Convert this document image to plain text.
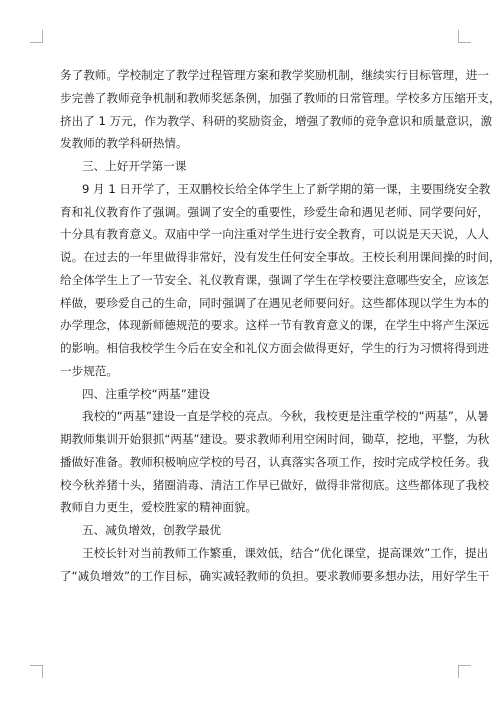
务了教师。学校制定了教学过程管理方案和教学奖励机制，继续实行目标管理，进一
步完善了教师竞争机制和教师奖惩条例，加强了教师的日常管理。学校多方压缩开支，
挤出了 1 万元，作为教学、科研的奖励资金，增强了教师的竞争意识和质量意识，激
发教师的教学科研热情。
三、上好开学第一课
9 月 1 日开学了，王双鹏校长给全体学生上了新学期的第一课，主要围绕安全教
育和礼仪教育作了强调。强调了安全的重要性，珍爱生命和遇见老师、同学要问好，
十分具有教育意义。双庙中学一向注重对学生进行安全教育，可以说是天天说，人人
说。在过去的一年里做得非常好，没有发生任何安全事故。王校长利用课间操的时间，
给全体学生上了一节安全、礼仪教育课，强调了学生在学校要注意哪些安全，应该怎
样做，要珍爱自己的生命，同时强调了在遇见老师要问好。这些都体现以学生为本的
办学理念，体现新师德规范的要求。这样一节有教育意义的课，在学生中将产生深远
的影响。相信我校学生今后在安全和礼仪方面会做得更好，学生的行为习惯将得到进
一步规范。
四、注重学校“两基”建设
我校的“两基”建设一直是学校的亮点。今秋，我校更是注重学校的“两基”，从暑
期教师集训开始狠抓“两基”建设。要求教师利用空闲时间，锄草，挖地，平整，为秋
播做好准备。教师积极响应学校的号召，认真落实各项工作，按时完成学校任务。我
校今秋养猪十头，猪圈消毒、清洁工作早已做好，做得非常彻底。这些都体现了我校
教师自力更生，爱校胜家的精神面貌。
五、减负增效，创教学最优
王校长针对当前教师工作繁重，课效低，结合“优化课堂，提高课效”工作，提出
了“减负增效”的工作目标，确实减轻教师的负担。要求教师要多想办法，用好学生干
